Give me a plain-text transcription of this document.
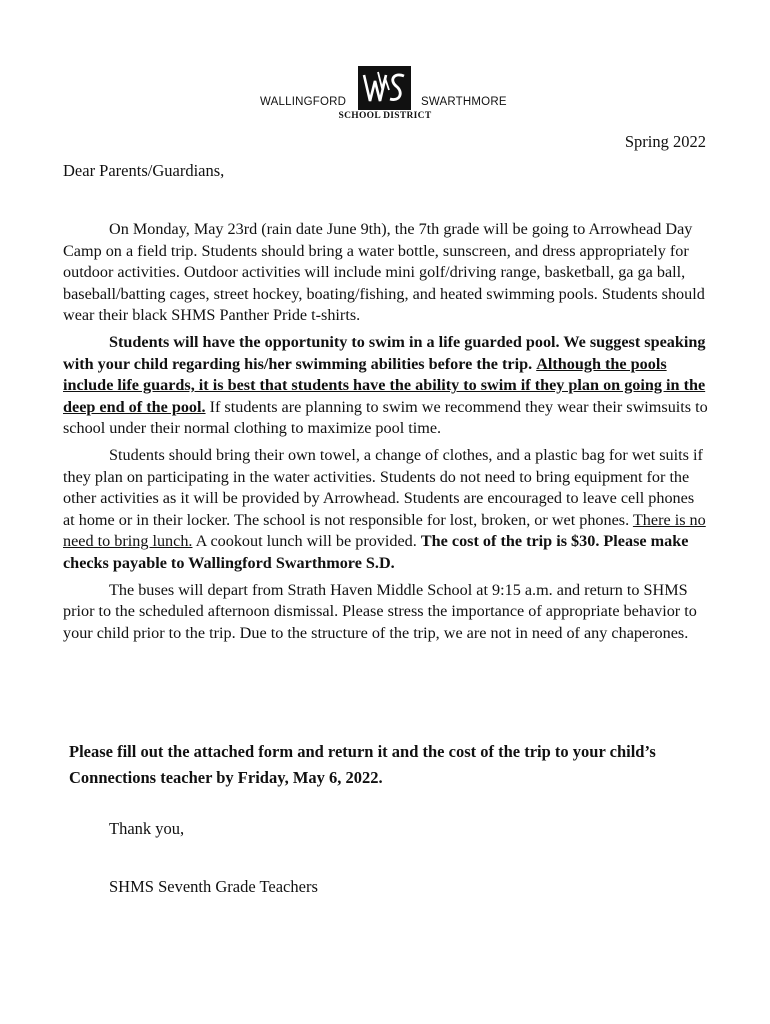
WALLINGFORD	SWARTHMORE
SCHOOL DISTRICT
Spring 2022
Dear Parents/Guardians,

On Monday, May 23rd (rain date June 9th), the 7th grade will be going to Arrowhead Day Camp on a field trip. Students should bring a water bottle, sunscreen, and dress appropriately for outdoor activities. Outdoor activities will include mini golf/driving range, basketball, ga ga ball, baseball/batting cages, street hockey, boating/fishing, and heated swimming pools. Students should wear their black SHMS Panther Pride t-shirts.

Students will have the opportunity to swim in a life guarded pool. We suggest speaking with your child regarding his/her swimming abilities before the trip. Although the pools include life guards, it is best that students have the ability to swim if they plan on going in the deep end of the pool. If students are planning to swim we recommend they wear their swimsuits to school under their normal clothing to maximize pool time.

Students should bring their own towel, a change of clothes, and a plastic bag for wet suits if they plan on participating in the water activities. Students do not need to bring equipment for the other activities as it will be provided by Arrowhead. Students are encouraged to leave cell phones at home or in their locker. The school is not responsible for lost, broken, or wet phones. There is no need to bring lunch. A cookout lunch will be provided. The cost of the trip is $30. Please make checks payable to Wallingford Swarthmore S.D.

The buses will depart from Strath Haven Middle School at 9:15 a.m. and return to SHMS prior to the scheduled afternoon dismissal. Please stress the importance of appropriate behavior to your child prior to the trip. Due to the structure of the trip, we are not in need of any chaperones.

Please fill out the attached form and return it and the cost of the trip to your child’s Connections teacher by Friday, May 6, 2022.
Thank you,
SHMS Seventh Grade Teachers
